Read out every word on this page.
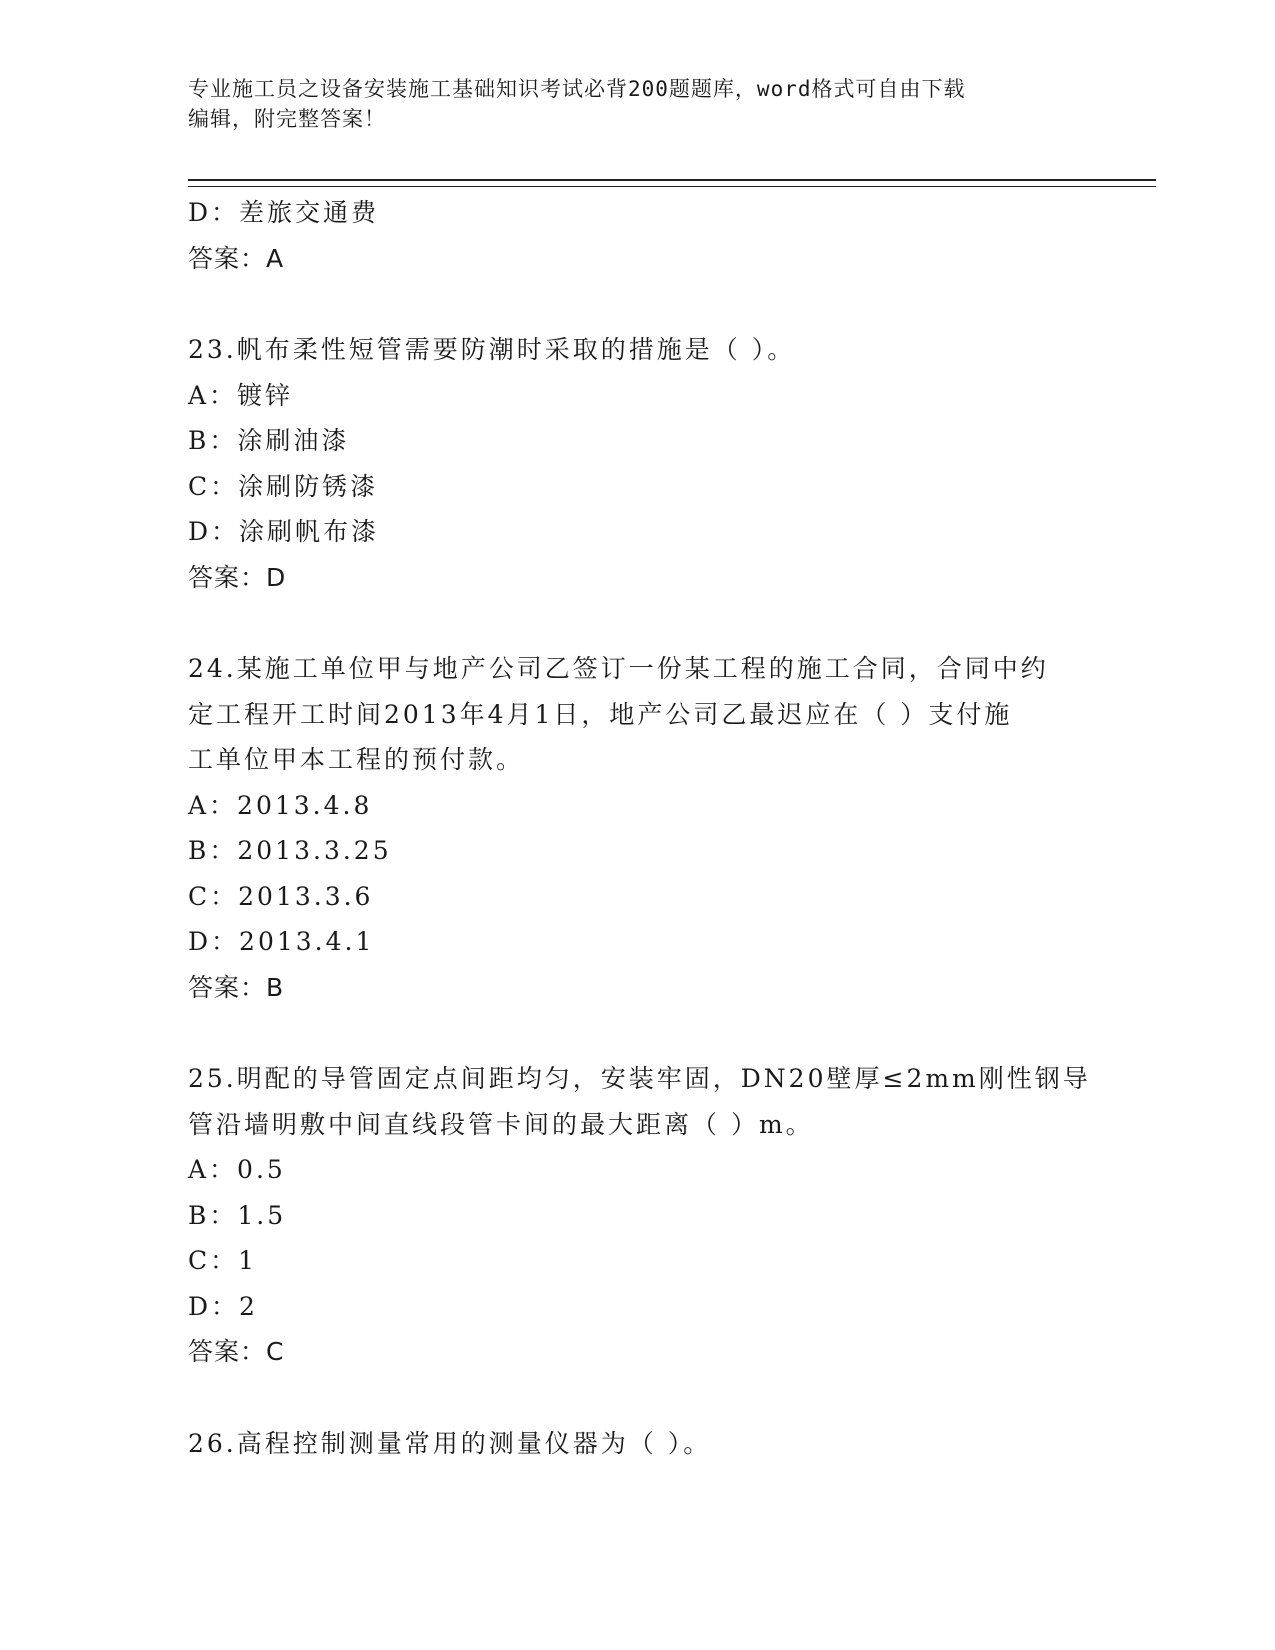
专业施工员之设备安装施工基础知识考试必背200题题库，word格式可自由下载
编辑，附完整答案！
D：差旅交通费
答案：A
23.帆布柔性短管需要防潮时采取的措施是（ ）。
A：镀锌
B：涂刷油漆
C：涂刷防锈漆
D：涂刷帆布漆
答案：D
24.某施工单位甲与地产公司乙签订一份某工程的施工合同，合同中约
定工程开工时间2013年4月1日，地产公司乙最迟应在（ ）支付施
工单位甲本工程的预付款。
A：2013.4.8
B：2013.3.25
C：2013.3.6
D：2013.4.1
答案：B
25.明配的导管固定点间距均匀，安装牢固，DN20壁厚≤2mm刚性钢导
管沿墙明敷中间直线段管卡间的最大距离（ ）m。
A：0.5
B：1.5
C：1
D：2
答案：C
26.高程控制测量常用的测量仪器为（ ）。
